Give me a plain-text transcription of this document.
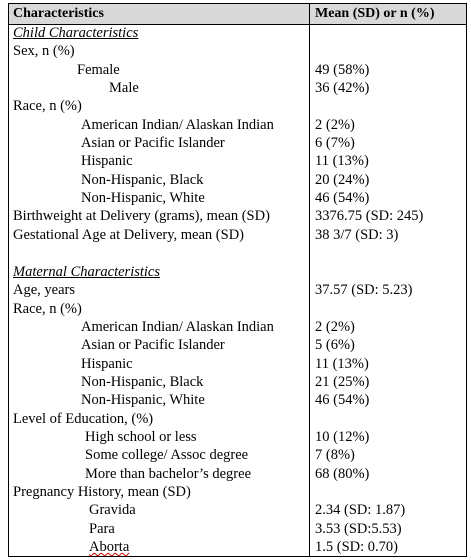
Characteristics	Mean (SD) or n (%)
Child Characteristics
Sex, n (%)
Female	49 (58%)
Male	36 (42%)
Race, n (%)
American Indian/ Alaskan Indian	2 (2%)
Asian or Pacific Islander	6 (7%)
Hispanic	11 (13%)
Non-Hispanic, Black	20 (24%)
Non-Hispanic, White	46 (54%)
Birthweight at Delivery (grams), mean (SD)	3376.75 (SD: 245)
Gestational Age at Delivery, mean (SD)	38 3/7 (SD: 3)
Maternal Characteristics
Age, years	37.57 (SD: 5.23)
Race, n (%)
American Indian/ Alaskan Indian	2 (2%)
Asian or Pacific Islander	5 (6%)
Hispanic	11 (13%)
Non-Hispanic, Black	21 (25%)
Non-Hispanic, White	46 (54%)
Level of Education, (%)
High school or less	10 (12%)
Some college/ Assoc degree	7 (8%)
More than bachelor’s degree	68 (80%)
Pregnancy History, mean (SD)
Gravida	2.34 (SD: 1.87)
Para	3.53 (SD:5.53)
Aborta	1.5 (SD: 0.70)
